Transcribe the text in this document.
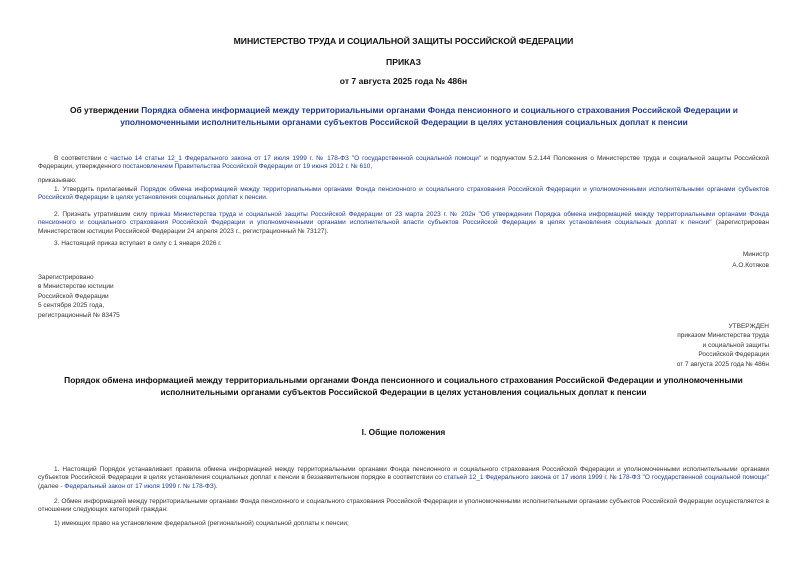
МИНИСТЕРСТВО ТРУДА И СОЦИАЛЬНОЙ ЗАЩИТЫ РОССИЙСКОЙ ФЕДЕРАЦИИ
ПРИКАЗ
от 7 августа 2025 года № 486н
Об утверждении Порядка обмена информацией между территориальными органами Фонда пенсионного и социального страхования Российской Федерации и уполномоченными исполнительными органами субъектов Российской Федерации в целях установления социальных доплат к пенсии
В соответствии с частью 14 статьи 12_1 Федерального закона от 17 июля 1999 г. № 178-ФЗ "О государственной социальной помощи" и подпунктом 5.2.144 Положения о Министерстве труда и социальной защиты Российской Федерации, утвержденного постановлением Правительства Российской Федерации от 19 июня 2012 г. № 610,
приказываю:
1. Утвердить прилагаемый Порядок обмена информацией между территориальными органами Фонда пенсионного и социального страхования Российской Федерации и уполномоченными исполнительными органами субъектов Российской Федерации в целях установления социальных доплат к пенсии.
2. Признать утратившим силу приказ Министерства труда и социальной защиты Российской Федерации от 23 марта 2023 г. № 202н "Об утверждении Порядка обмена информацией между территориальными органами Фонда пенсионного и социального страхования Российской Федерации и уполномоченными органами исполнительной власти субъектов Российской Федерации в целях установления социальных доплат к пенсии" (зарегистрирован Министерством юстиции Российской Федерации 24 апреля 2023 г., регистрационный № 73127).
3. Настоящий приказ вступает в силу с 1 января 2026 г.
Министр
А.О.Котяков
Зарегистрировано
в Министерстве юстиции
Российской Федерации
5 сентября 2025 года,
регистрационный № 83475
УТВЕРЖДЕН
приказом Министерства труда
и социальной защиты
Российской Федерации
от 7 августа 2025 года № 486н
Порядок обмена информацией между территориальными органами Фонда пенсионного и социального страхования Российской Федерации и уполномоченными исполнительными органами субъектов Российской Федерации в целях установления социальных доплат к пенсии
I. Общие положения
1. Настоящий Порядок устанавливает правила обмена информацией между территориальными органами Фонда пенсионного и социального страхования Российской Федерации и уполномоченными исполнительными органами субъектов Российской Федерации в целях установления социальных доплат к пенсии в беззаявительном порядке в соответствии со статьей 12_1 Федерального закона от 17 июля 1999 г. № 178-ФЗ "О государственной социальной помощи" (далее - Федеральный закон от 17 июля 1999 г. № 178-ФЗ).
2. Обмен информацией между территориальными органами Фонда пенсионного и социального страхования Российской Федерации и уполномоченными исполнительными органами субъектов Российской Федерации осуществляется в отношении следующих категорий граждан:
1) имеющих право на установление федеральной (региональной) социальной доплаты к пенсии;
